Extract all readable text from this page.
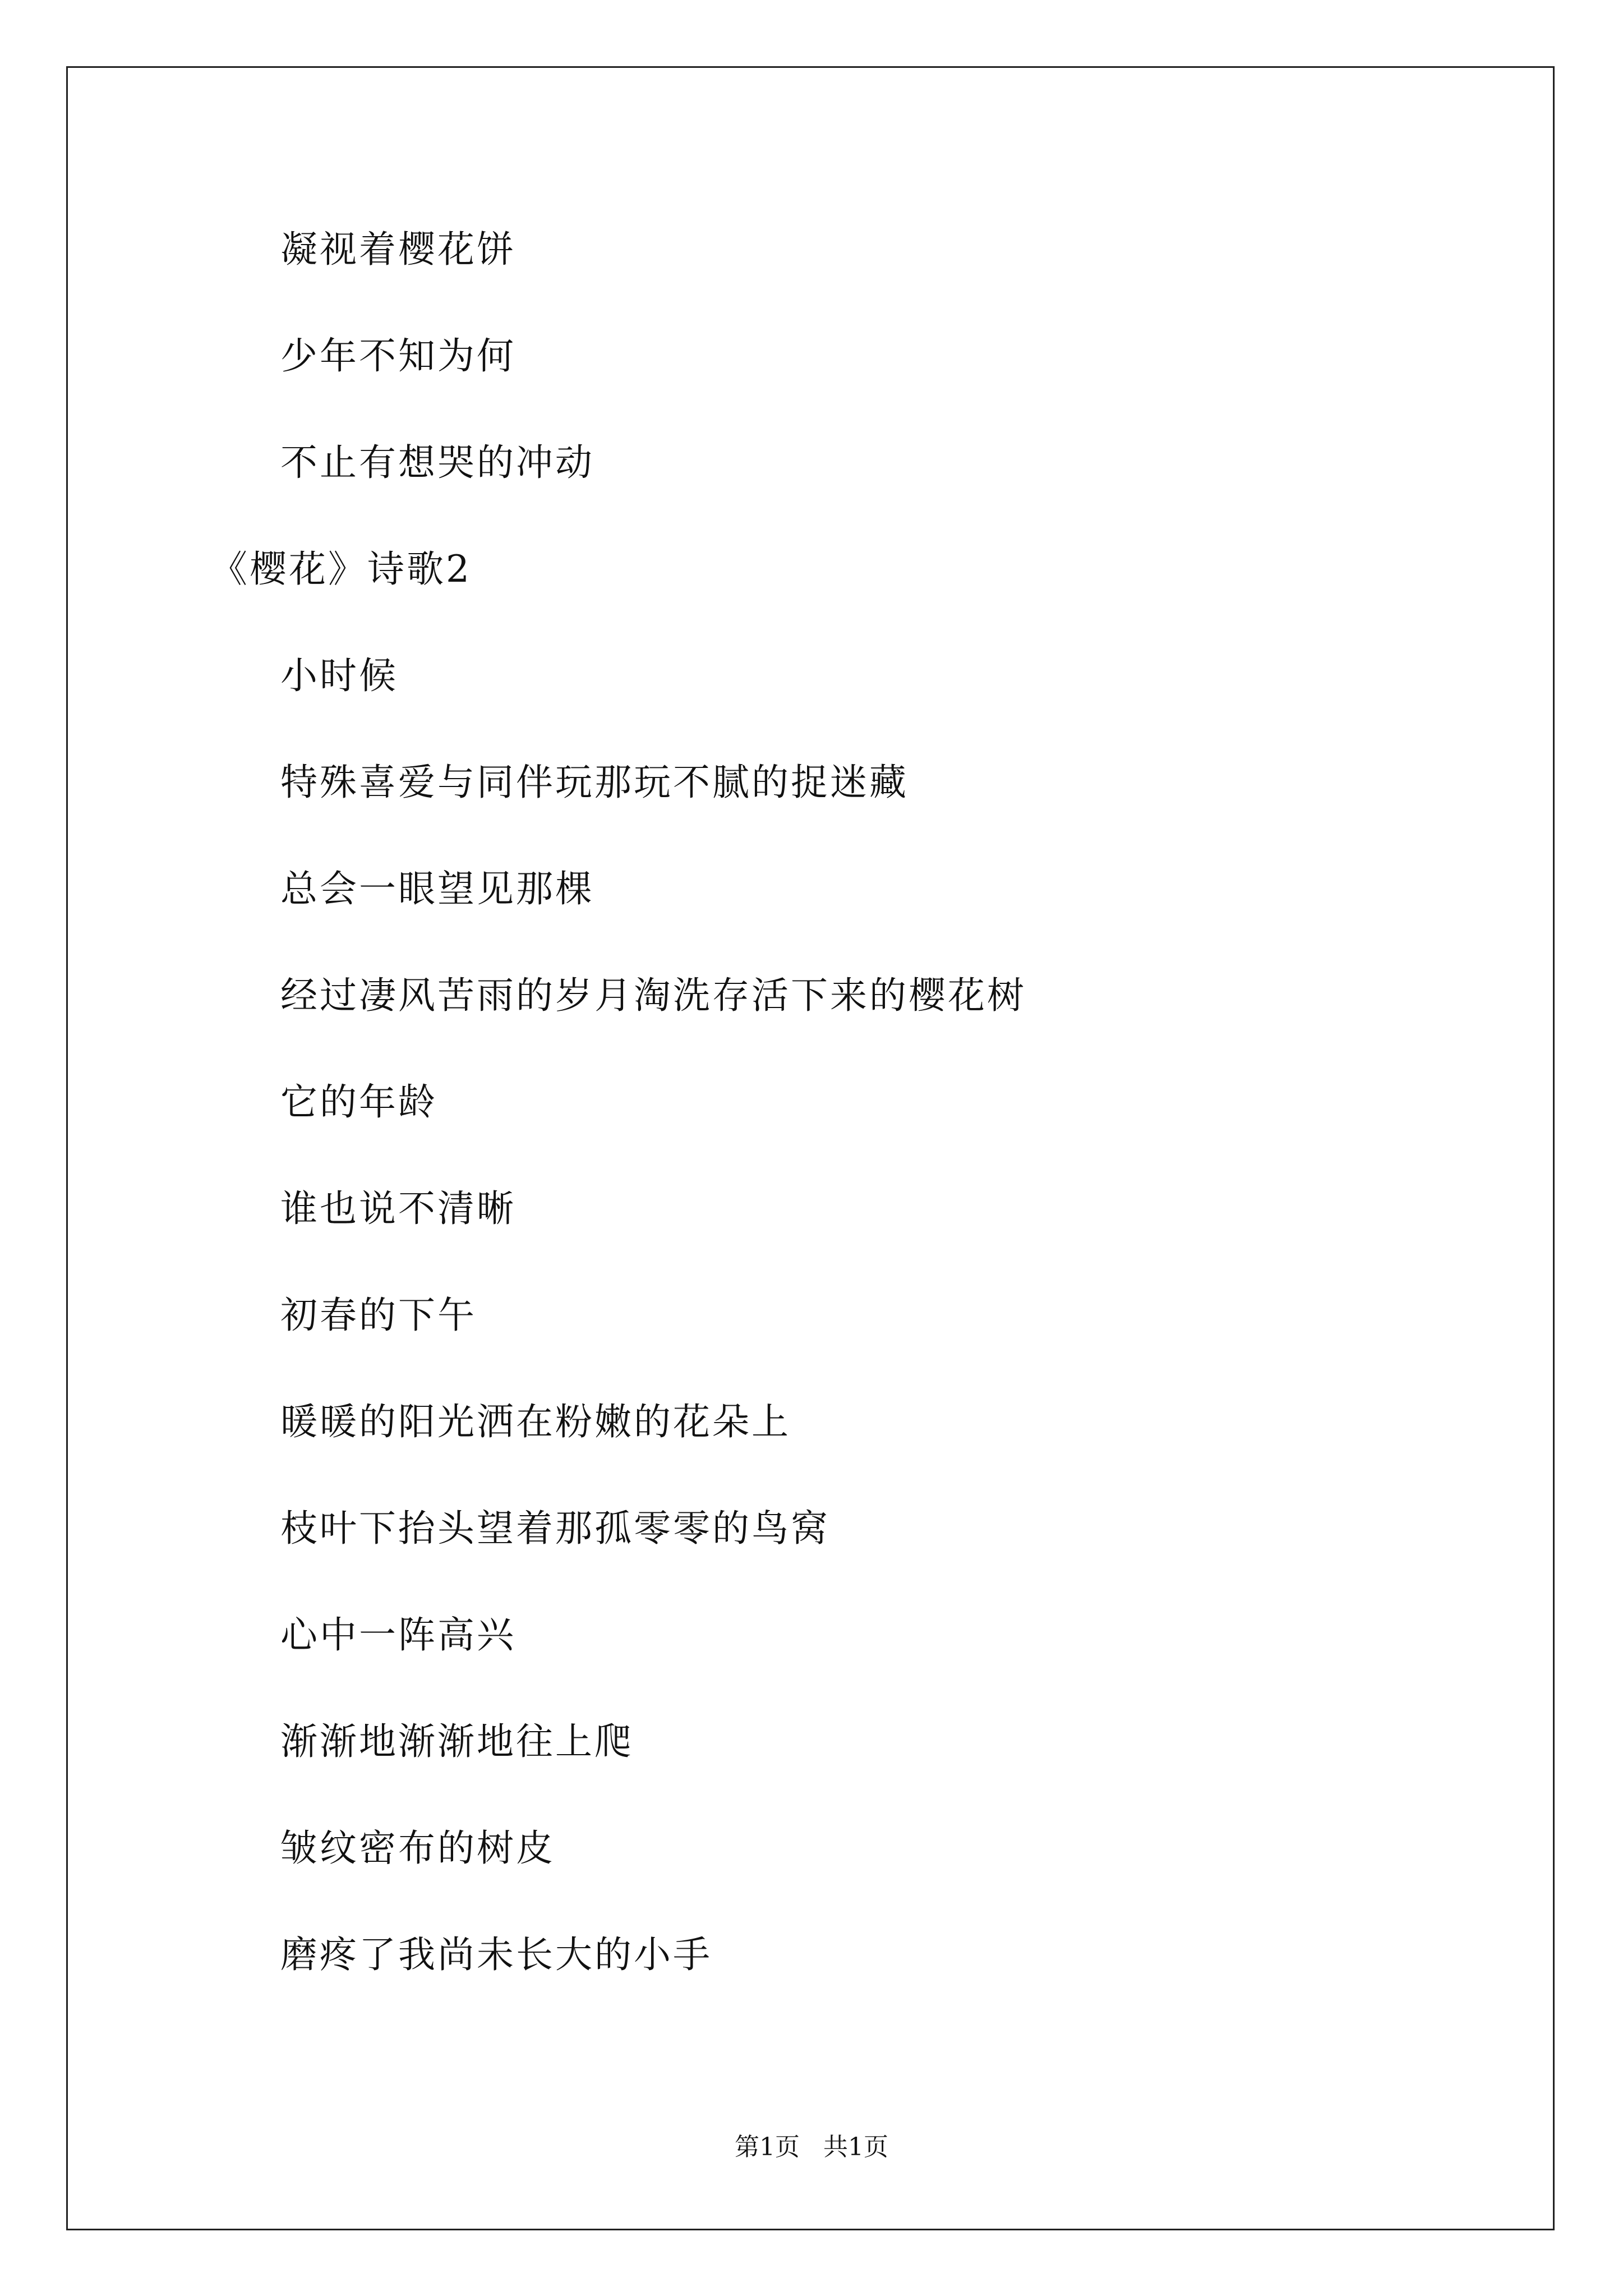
凝视着樱花饼
少年不知为何
不止有想哭的冲动
《樱花》诗歌2
小时候
特殊喜爱与同伴玩那玩不腻的捉迷藏
总会一眼望见那棵
经过凄风苦雨的岁月淘洗存活下来的樱花树
它的年龄
谁也说不清晰
初春的下午
暖暖的阳光洒在粉嫩的花朵上
枝叶下抬头望着那孤零零的鸟窝
心中一阵高兴
渐渐地渐渐地往上爬
皱纹密布的树皮
磨疼了我尚未长大的小手
第1页   共1页
